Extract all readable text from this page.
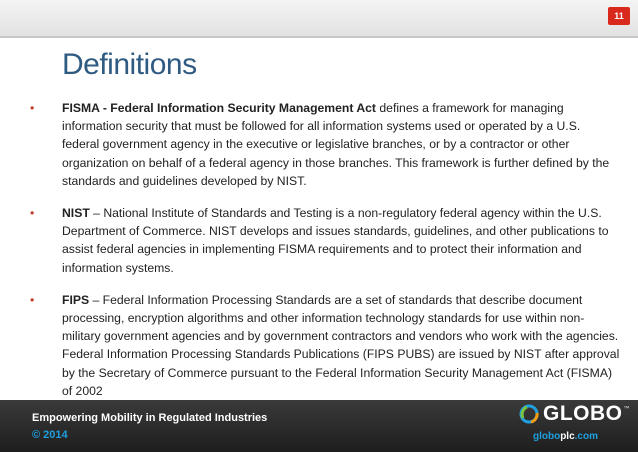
11
Definitions
•	FISMA - Federal Information Security Management Act defines a framework for managing information security that must be followed for all information systems used or operated by a U.S. federal government agency in the executive or legislative branches, or by a contractor or other organization on behalf of a federal agency in those branches. This framework is further defined by the standards and guidelines developed by NIST.
•	NIST – National Institute of Standards and Testing is a non-regulatory federal agency within the U.S. Department of Commerce. NIST develops and issues standards, guidelines, and other publications to assist federal agencies in implementing FISMA requirements and to protect their information and information systems.
•	FIPS – Federal Information Processing Standards are a set of standards that describe document processing, encryption algorithms and other information technology standards for use within non-military government agencies and by government contractors and vendors who work with the agencies. Federal Information Processing Standards Publications (FIPS PUBS) are issued by NIST after approval by the Secretary of Commerce pursuant to the Federal Information Security Management Act (FISMA) of 2002
Empowering Mobility in Regulated Industries
© 2014
GLOBO ™
globoplc.com
